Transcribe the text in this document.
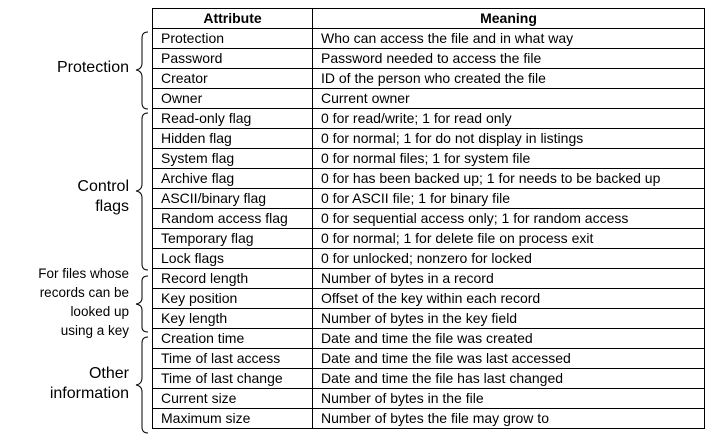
Attribute	Meaning
Protection	Who can access the file and in what way
Password	Password needed to access the file
Creator	ID of the person who created the file
Owner	Current owner
Read-only flag	0 for read/write; 1 for read only
Hidden flag	0 for normal; 1 for do not display in listings
System flag	0 for normal files; 1 for system file
Archive flag	0 for has been backed up; 1 for needs to be backed up
ASCII/binary flag	0 for ASCII file; 1 for binary file
Random access flag	0 for sequential access only; 1 for random access
Temporary flag	0 for normal; 1 for delete file on process exit
Lock flags	0 for unlocked; nonzero for locked
Record length	Number of bytes in a record
Key position	Offset of the key within each record
Key length	Number of bytes in the key field
Creation time	Date and time the file was created
Time of last access	Date and time the file was last accessed
Time of last change	Date and time the file has last changed
Current size	Number of bytes in the file
Maximum size	Number of bytes the file may grow to
Protection
Control
flags
For files whose
records can be
looked up
using a key
Other
information
